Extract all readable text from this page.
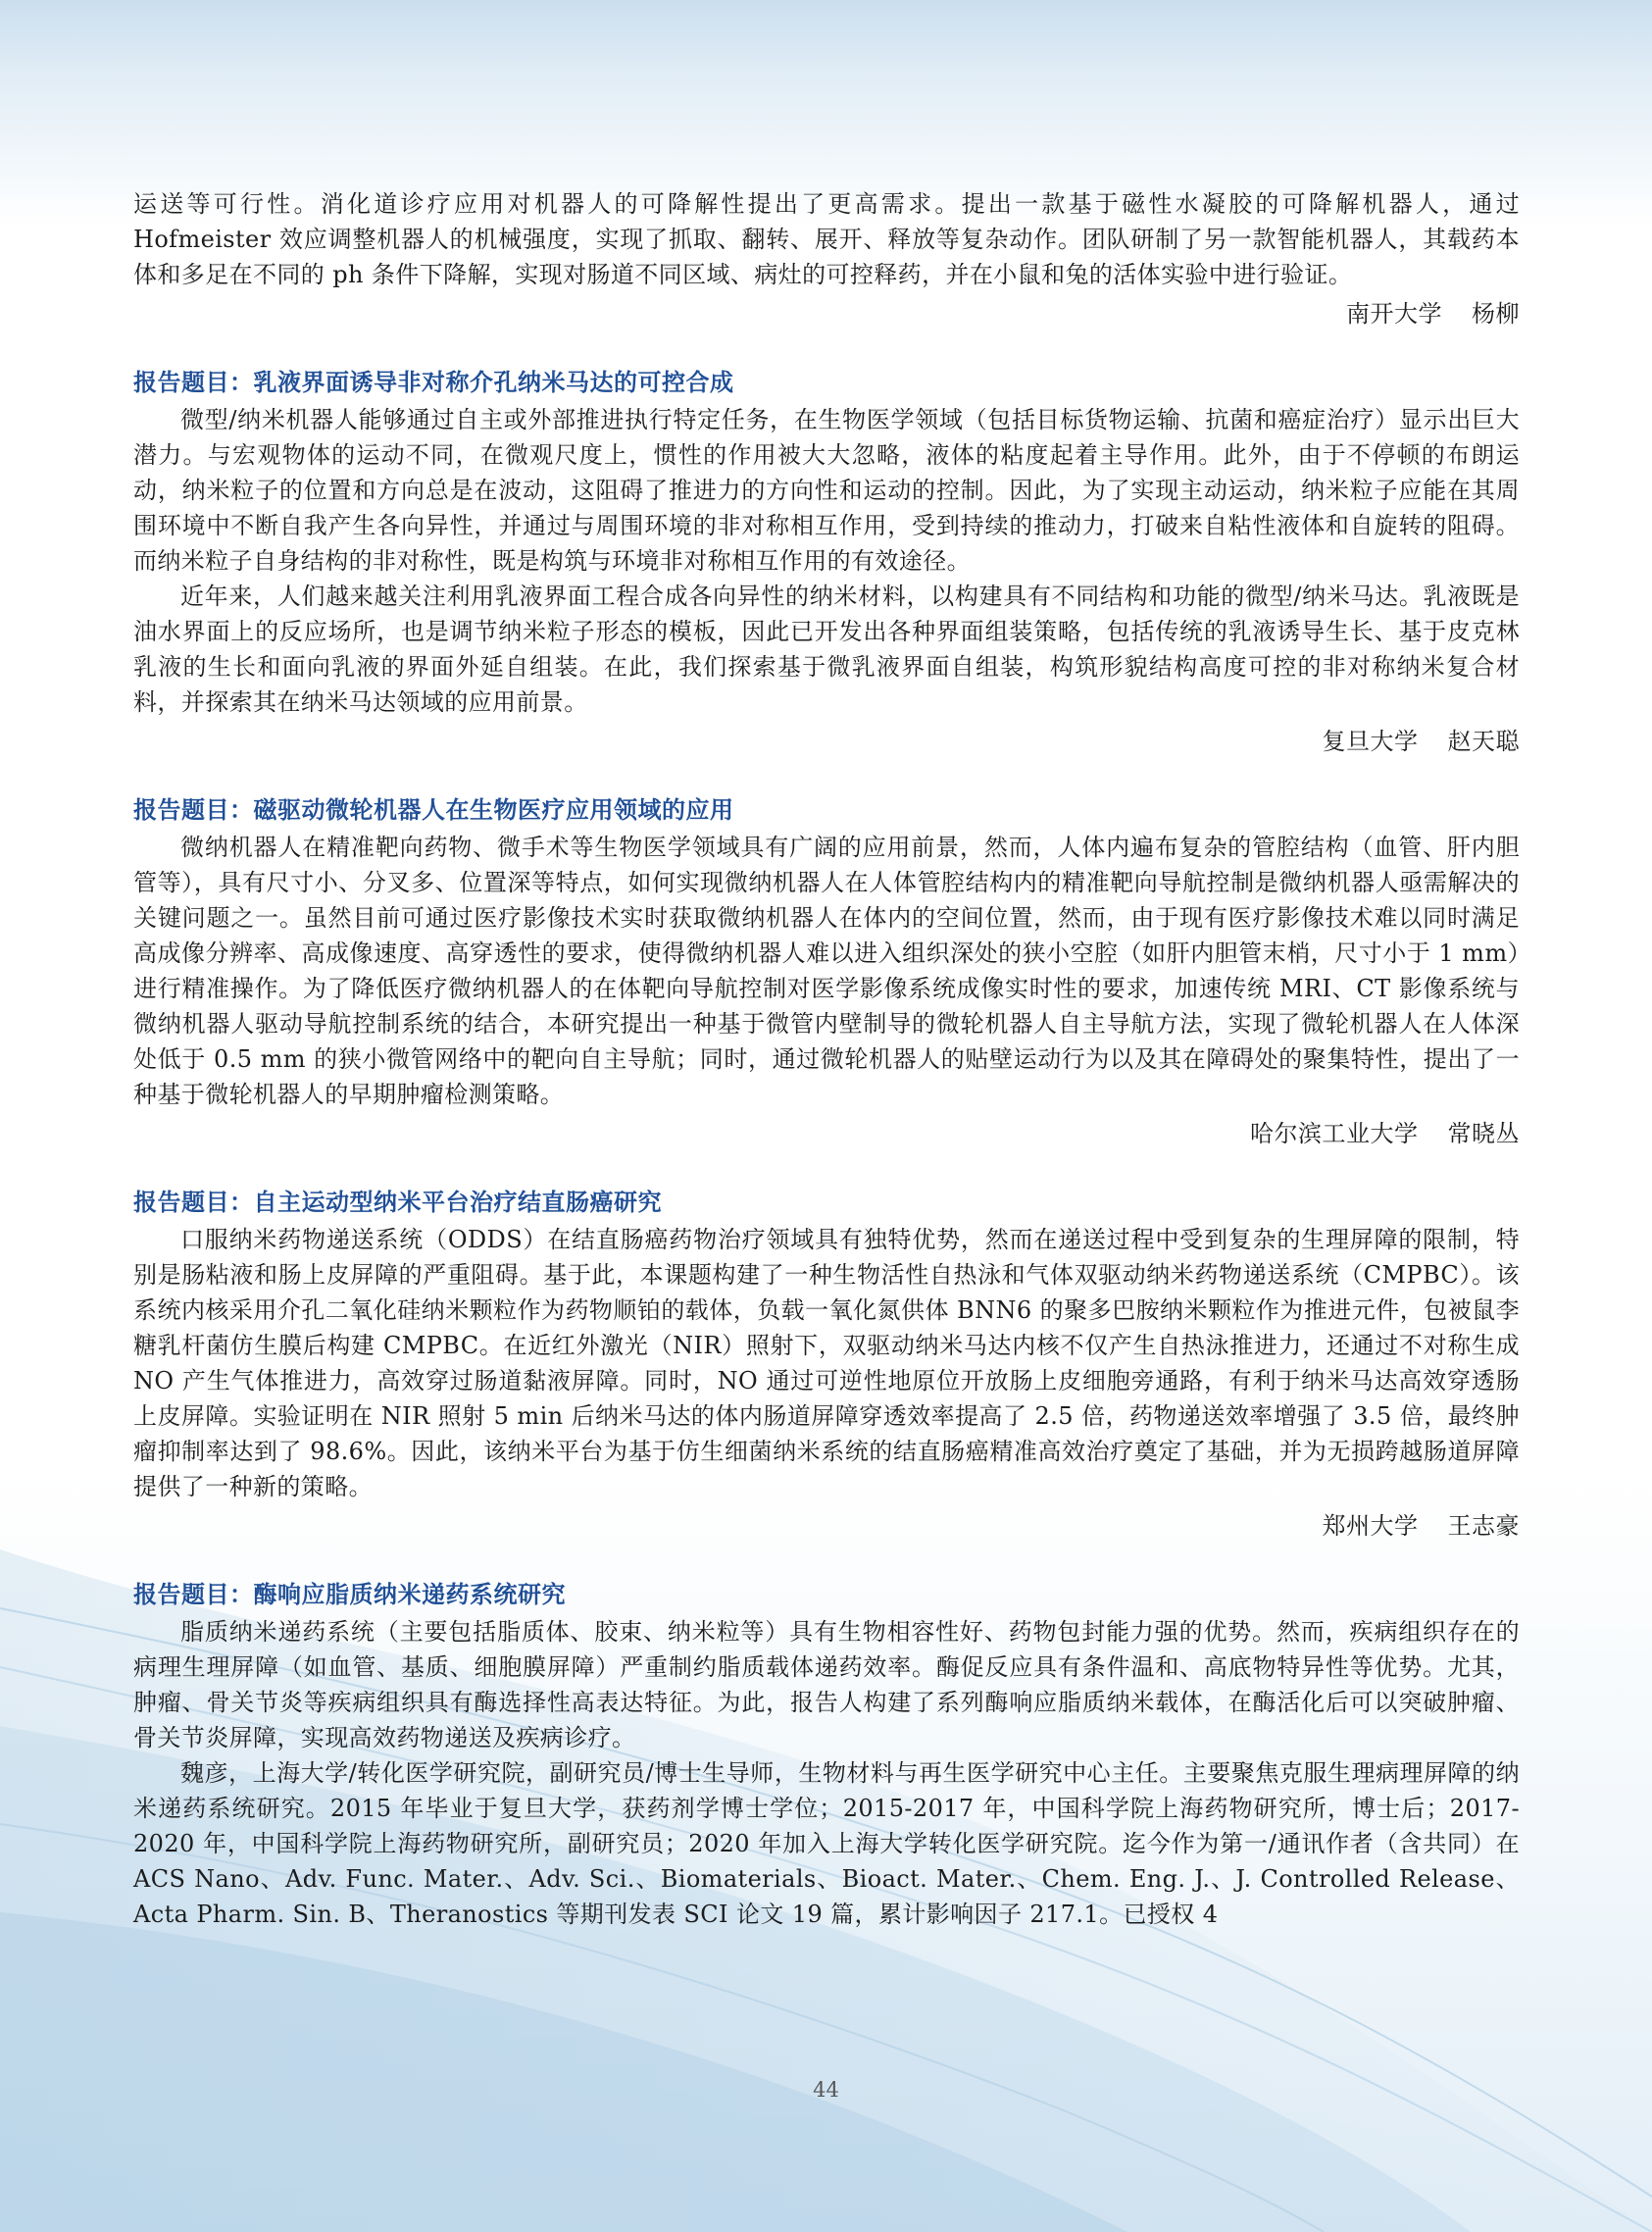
运送等可行性。消化道诊疗应用对机器人的可降解性提出了更高需求。提出一款基于磁性水凝胶的可降解机器人，通过 Hofmeister 效应调整机器人的机械强度，实现了抓取、翻转、展开、释放等复杂动作。团队研制了另一款智能机器人，其载药本体和多足在不同的 ph 条件下降解，实现对肠道不同区域、病灶的可控释药，并在小鼠和兔的活体实验中进行验证。

南开大学 杨柳
报告题目：乳液界面诱导非对称介孔纳米马达的可控合成

微型/纳米机器人能够通过自主或外部推进执行特定任务，在生物医学领域（包括目标货物运输、抗菌和癌症治疗）显示出巨大潜力。与宏观物体的运动不同，在微观尺度上，惯性的作用被大大忽略，液体的粘度起着主导作用。此外，由于不停顿的布朗运动，纳米粒子的位置和方向总是在波动，这阻碍了推进力的方向性和运动的控制。因此，为了实现主动运动，纳米粒子应能在其周围环境中不断自我产生各向异性，并通过与周围环境的非对称相互作用，受到持续的推动力，打破来自粘性液体和自旋转的阻碍。而纳米粒子自身结构的非对称性，既是构筑与环境非对称相互作用的有效途径。

近年来，人们越来越关注利用乳液界面工程合成各向异性的纳米材料，以构建具有不同结构和功能的微型/纳米马达。乳液既是油水界面上的反应场所，也是调节纳米粒子形态的模板，因此已开发出各种界面组装策略，包括传统的乳液诱导生长、基于皮克林乳液的生长和面向乳液的界面外延自组装。在此，我们探索基于微乳液界面自组装，构筑形貌结构高度可控的非对称纳米复合材料，并探索其在纳米马达领域的应用前景。

复旦大学 赵天聪
报告题目：磁驱动微轮机器人在生物医疗应用领域的应用

微纳机器人在精准靶向药物、微手术等生物医学领域具有广阔的应用前景，然而，人体内遍布复杂的管腔结构（血管、肝内胆管等），具有尺寸小、分叉多、位置深等特点，如何实现微纳机器人在人体管腔结构内的精准靶向导航控制是微纳机器人亟需解决的关键问题之一。虽然目前可通过医疗影像技术实时获取微纳机器人在体内的空间位置，然而，由于现有医疗影像技术难以同时满足高成像分辨率、高成像速度、高穿透性的要求，使得微纳机器人难以进入组织深处的狭小空腔（如肝内胆管末梢，尺寸小于 1 mm）进行精准操作。为了降低医疗微纳机器人的在体靶向导航控制对医学影像系统成像实时性的要求，加速传统 MRI、CT 影像系统与微纳机器人驱动导航控制系统的结合，本研究提出一种基于微管内壁制导的微轮机器人自主导航方法，实现了微轮机器人在人体深处低于 0.5 mm 的狭小微管网络中的靶向自主导航；同时，通过微轮机器人的贴壁运动行为以及其在障碍处的聚集特性，提出了一种基于微轮机器人的早期肿瘤检测策略。

哈尔滨工业大学 常晓丛
报告题目：自主运动型纳米平台治疗结直肠癌研究

口服纳米药物递送系统（ODDS）在结直肠癌药物治疗领域具有独特优势，然而在递送过程中受到复杂的生理屏障的限制，特别是肠粘液和肠上皮屏障的严重阻碍。基于此，本课题构建了一种生物活性自热泳和气体双驱动纳米药物递送系统（CMPBC）。该系统内核采用介孔二氧化硅纳米颗粒作为药物顺铂的载体，负载一氧化氮供体 BNN6 的聚多巴胺纳米颗粒作为推进元件，包被鼠李糖乳杆菌仿生膜后构建 CMPBC。在近红外激光（NIR）照射下，双驱动纳米马达内核不仅产生自热泳推进力，还通过不对称生成 NO 产生气体推进力，高效穿过肠道黏液屏障。同时，NO 通过可逆性地原位开放肠上皮细胞旁通路，有利于纳米马达高效穿透肠上皮屏障。实验证明在 NIR 照射 5 min 后纳米马达的体内肠道屏障穿透效率提高了 2.5 倍，药物递送效率增强了 3.5 倍，最终肿瘤抑制率达到了 98.6%。因此，该纳米平台为基于仿生细菌纳米系统的结直肠癌精准高效治疗奠定了基础，并为无损跨越肠道屏障提供了一种新的策略。

郑州大学 王志豪
报告题目：酶响应脂质纳米递药系统研究

脂质纳米递药系统（主要包括脂质体、胶束、纳米粒等）具有生物相容性好、药物包封能力强的优势。然而，疾病组织存在的病理生理屏障（如血管、基质、细胞膜屏障）严重制约脂质载体递药效率。酶促反应具有条件温和、高底物特异性等优势。尤其，肿瘤、骨关节炎等疾病组织具有酶选择性高表达特征。为此，报告人构建了系列酶响应脂质纳米载体，在酶活化后可以突破肿瘤、骨关节炎屏障，实现高效药物递送及疾病诊疗。

魏彦，上海大学/转化医学研究院，副研究员/博士生导师，生物材料与再生医学研究中心主任。主要聚焦克服生理病理屏障的纳米递药系统研究。2015 年毕业于复旦大学，获药剂学博士学位；2015-2017 年，中国科学院上海药物研究所，博士后；2017-2020 年，中国科学院上海药物研究所，副研究员；2020 年加入上海大学转化医学研究院。迄今作为第一/通讯作者（含共同）在 ACS Nano、Adv. Func. Mater.、Adv. Sci.、Biomaterials、Bioact. Mater.、Chem. Eng. J.、J. Controlled Release、Acta Pharm. Sin. B、Theranostics 等期刊发表 SCI 论文 19 篇，累计影响因子 217.1。已授权 4

44
